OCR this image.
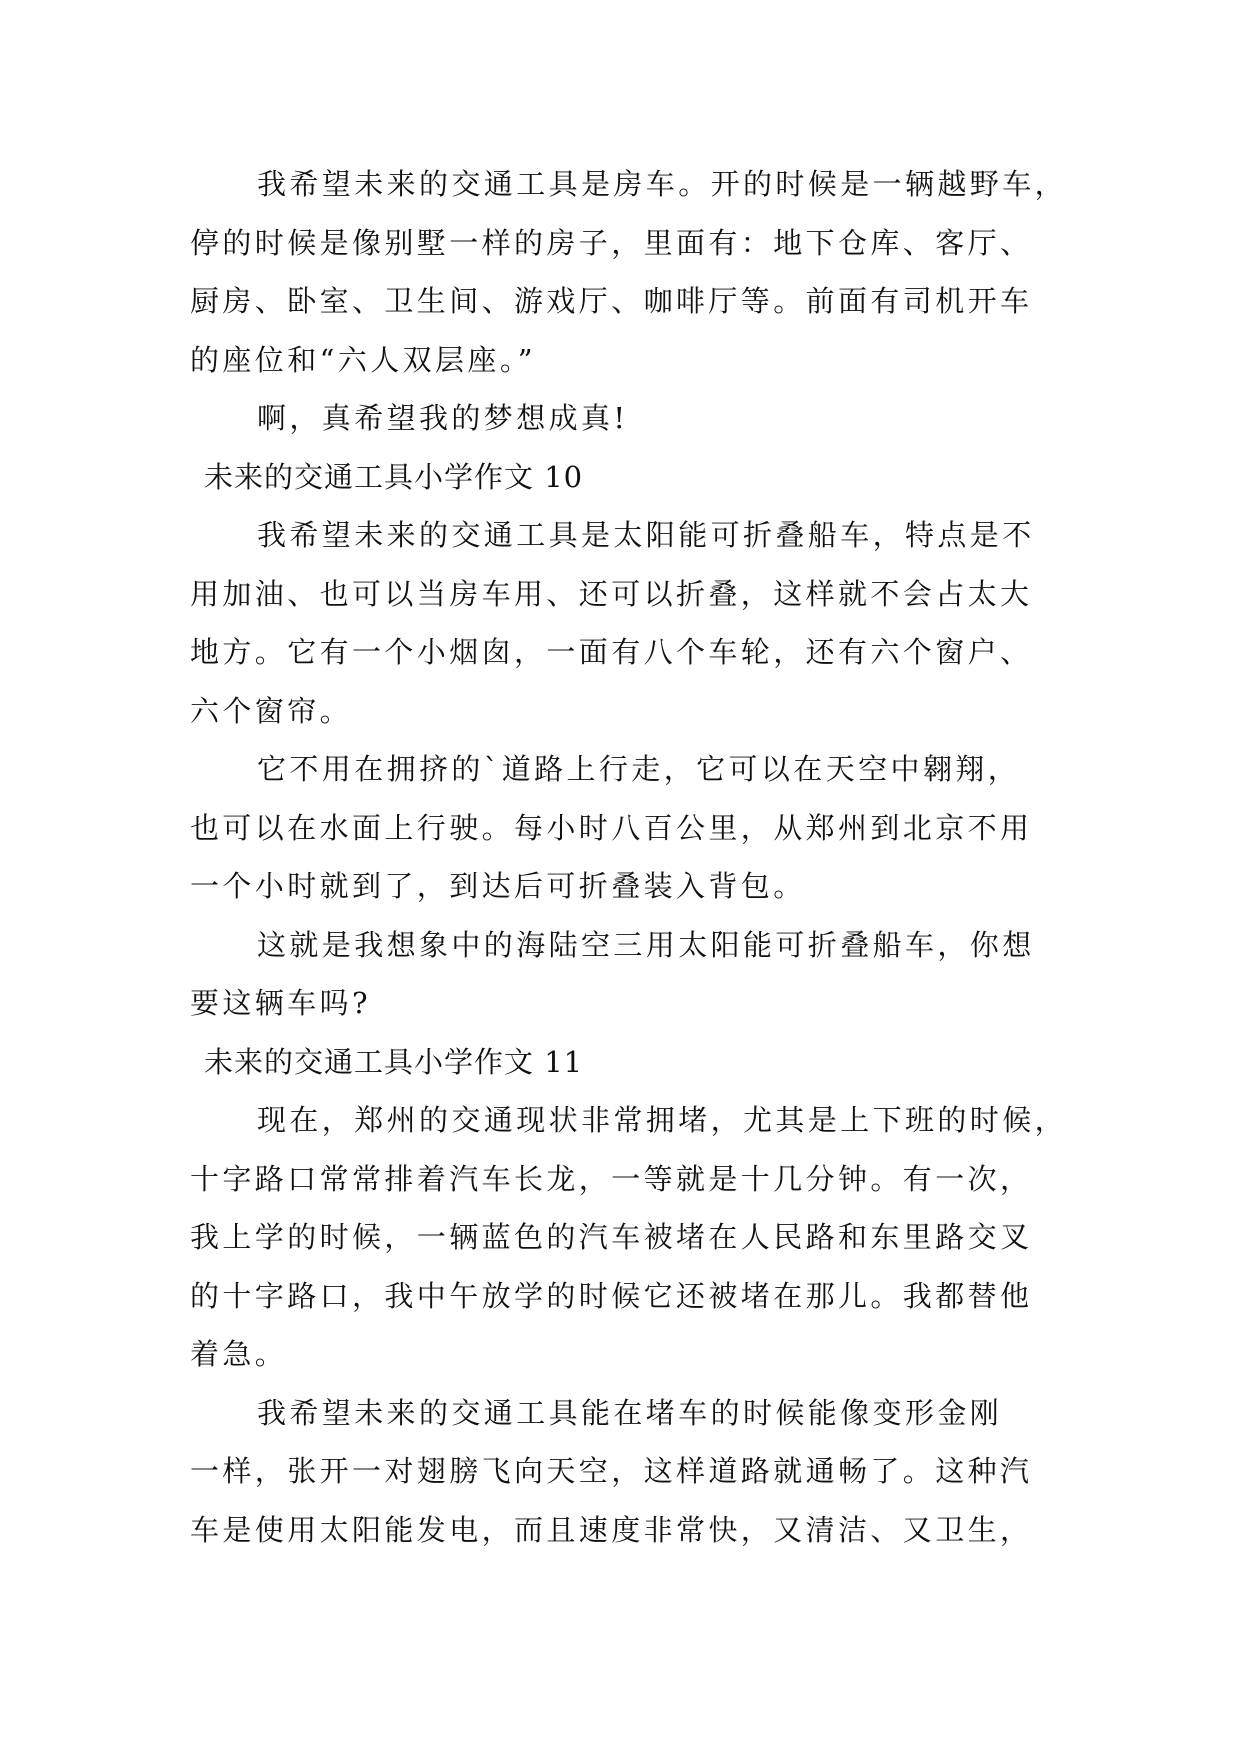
我希望未来的交通工具是房车。开的时候是一辆越野车，
停的时候是像别墅一样的房子，里面有：地下仓库、客厅、
厨房、卧室、卫生间、游戏厅、咖啡厅等。前面有司机开车
的座位和“六人双层座。”

啊，真希望我的梦想成真!

未来的交通工具小学作文 10

我希望未来的交通工具是太阳能可折叠船车，特点是不
用加油、也可以当房车用、还可以折叠，这样就不会占太大
地方。它有一个小烟囱，一面有八个车轮，还有六个窗户、
六个窗帘。

它不用在拥挤的`道路上行走，它可以在天空中翱翔，
也可以在水面上行驶。每小时八百公里，从郑州到北京不用
一个小时就到了，到达后可折叠装入背包。

这就是我想象中的海陆空三用太阳能可折叠船车，你想
要这辆车吗?

未来的交通工具小学作文 11

现在，郑州的交通现状非常拥堵，尤其是上下班的时候，
十字路口常常排着汽车长龙，一等就是十几分钟。有一次，
我上学的时候，一辆蓝色的汽车被堵在人民路和东里路交叉
的十字路口，我中午放学的时候它还被堵在那儿。我都替他
着急。

我希望未来的交通工具能在堵车的时候能像变形金刚
一样，张开一对翅膀飞向天空，这样道路就通畅了。这种汽
车是使用太阳能发电，而且速度非常快，又清洁、又卫生，
